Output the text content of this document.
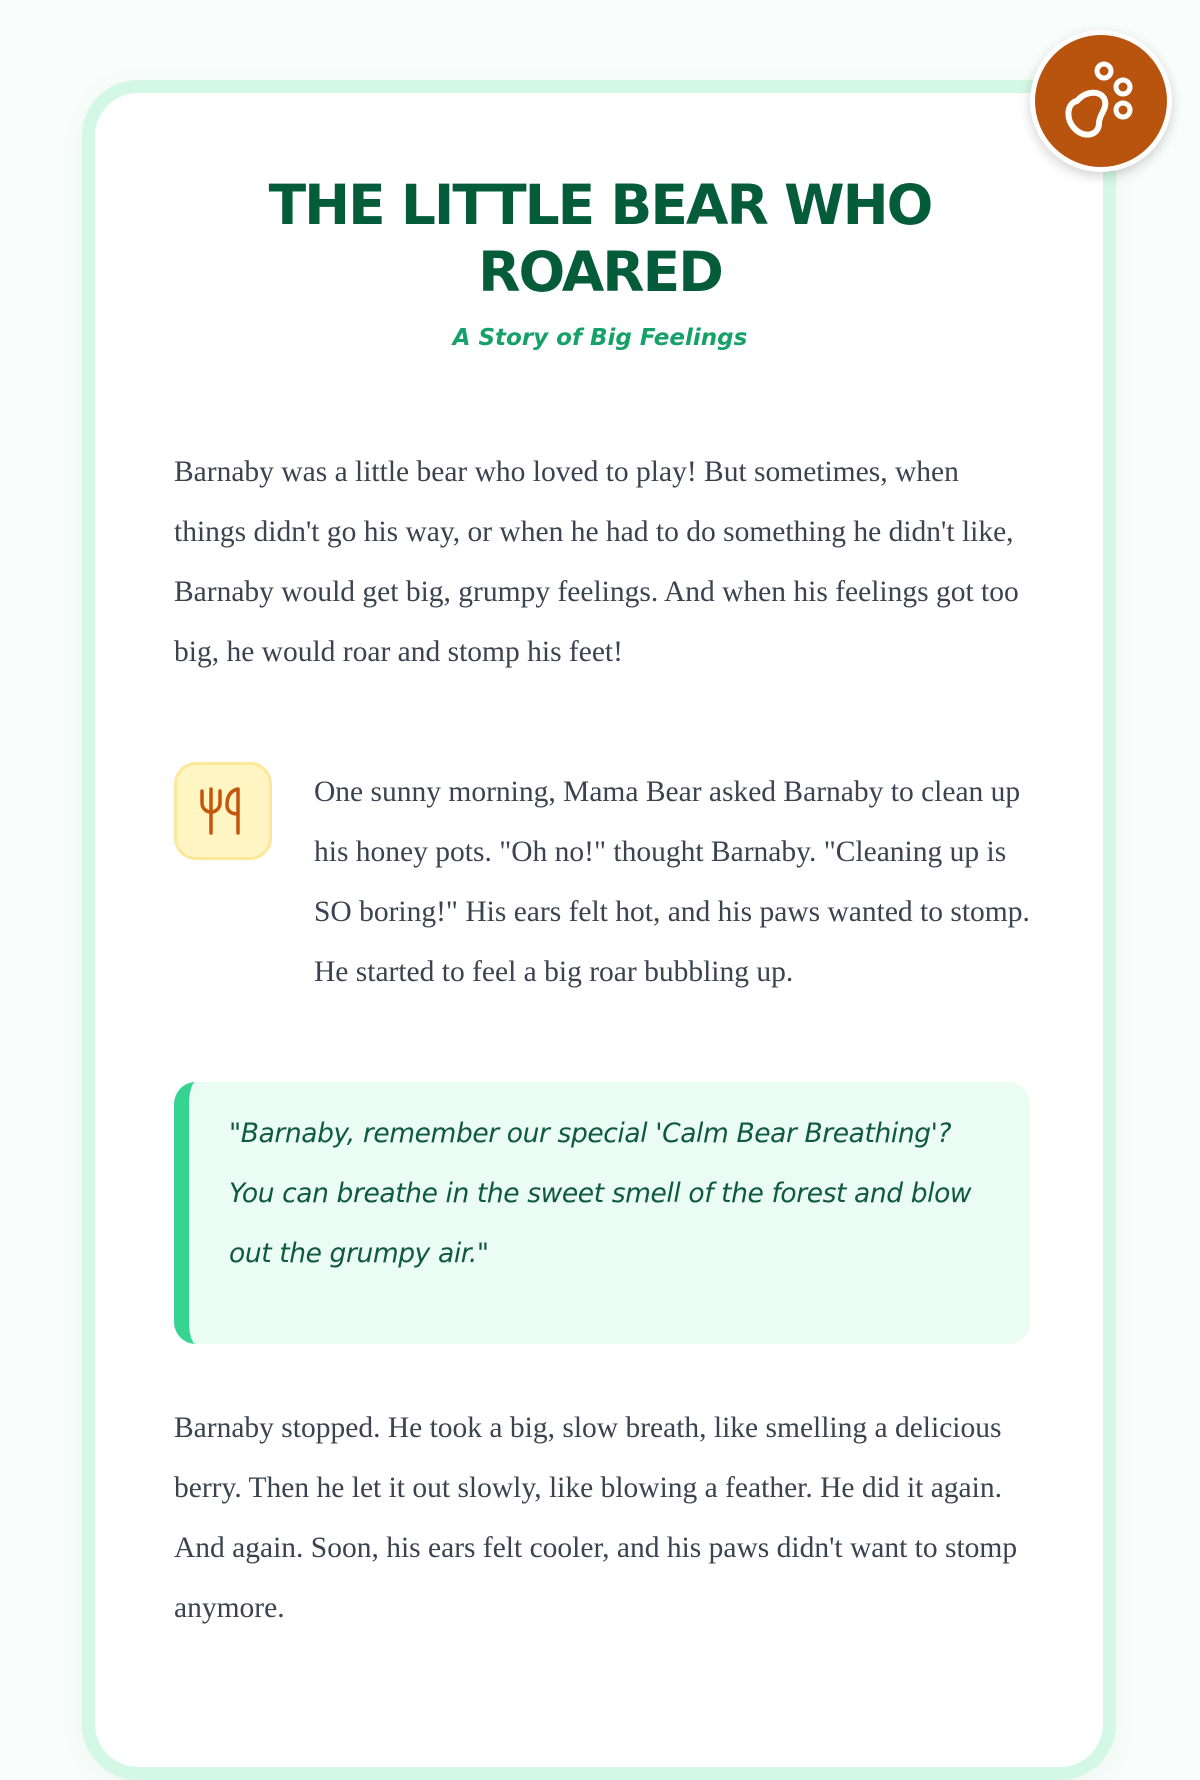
THE LITTLE BEAR WHO ROARED

A Story of Big Feelings

Barnaby was a little bear who loved to play! But sometimes, when things didn't go his way, or when he had to do something he didn't like, Barnaby would get big, grumpy feelings. And when his feelings got too big, he would roar and stomp his feet!

One sunny morning, Mama Bear asked Barnaby to clean up his honey pots. "Oh no!" thought Barnaby. "Cleaning up is SO boring!" His ears felt hot, and his paws wanted to stomp. He started to feel a big roar bubbling up.

"Barnaby, remember our special 'Calm Bear Breathing'? You can breathe in the sweet smell of the forest and blow out the grumpy air."

Barnaby stopped. He took a big, slow breath, like smelling a delicious berry. Then he let it out slowly, like blowing a feather. He did it again. And again. Soon, his ears felt cooler, and his paws didn't want to stomp anymore.
